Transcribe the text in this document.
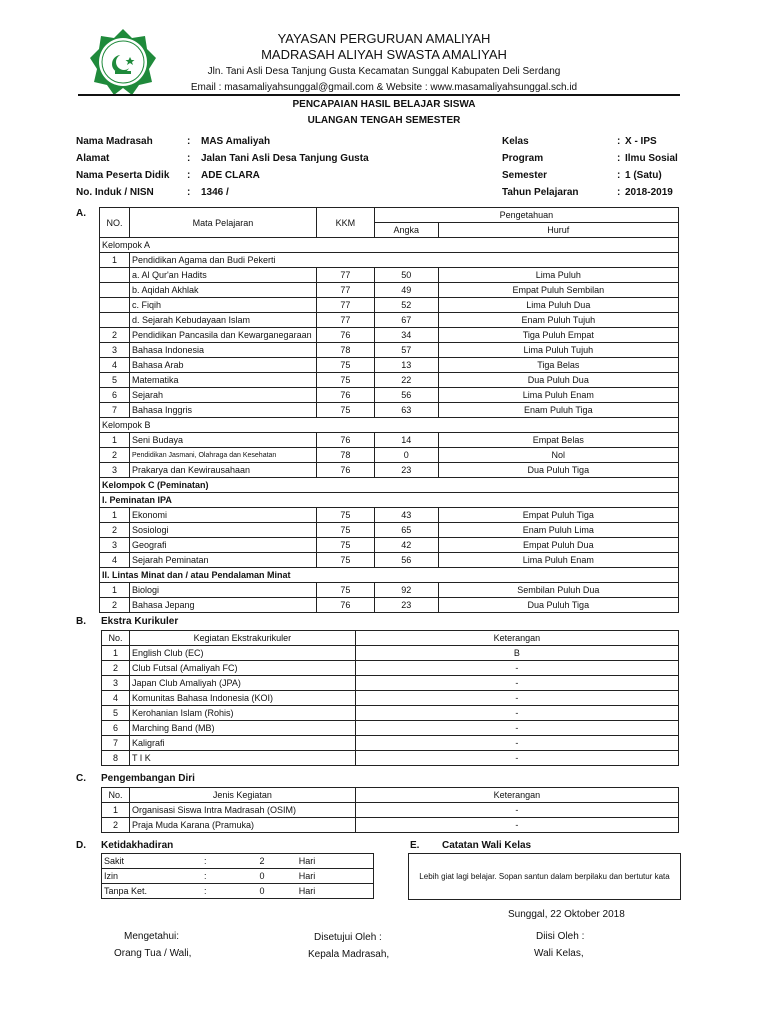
YAYASAN PERGURUAN AMALIYAH
MADRASAH ALIYAH SWASTA AMALIYAH
Jln. Tani Asli Desa Tanjung Gusta Kecamatan Sunggal Kabupaten Deli Serdang
Email : masamaliyahsunggal@gmail.com & Website : www.masamaliyahsunggal.sch.id
PENCAPAIAN HASIL BELAJAR SISWA
ULANGAN TENGAH SEMESTER
Nama Madrasah	: MAS Amaliyah
Alamat	: Jalan Tani Asli Desa Tanjung Gusta
Nama Peserta Didik : ADE CLARA
No. Induk / NISN	: 1346 /
Kelas	: X - IPS
Program	: Ilmu Sosial
Semester	: 1 (Satu)
Tahun Pelajaran	: 2018-2019
A.
NO.	Mata Pelajaran	KKM	Pengetahuan	
			Angka	Huruf
Kelompok A				
1	Pendidikan Agama dan Budi Pekerti			
	a. Al Qur'an Hadits	77	50	Lima Puluh
	b. Aqidah Akhlak	77	49	Empat Puluh Sembilan
	c. Fiqih	77	52	Lima Puluh Dua
	d. Sejarah Kebudayaan Islam	77	67	Enam Puluh Tujuh
2	Pendidikan Pancasila dan Kewarganegaraan	76	34	Tiga Puluh Empat
3	Bahasa Indonesia	78	57	Lima Puluh Tujuh
4	Bahasa Arab	75	13	Tiga Belas
5	Matematika	75	22	Dua Puluh Dua
6	Sejarah	76	56	Lima Puluh Enam
7	Bahasa Inggris	75	63	Enam Puluh Tiga
Kelompok B				
1	Seni Budaya	76	14	Empat Belas
2	Pendidikan Jasmani, Olahraga dan Kesehatan	78	0	Nol
3	Prakarya dan Kewirausahaan	76	23	Dua Puluh Tiga
Kelompok C (Peminatan)				
I. Peminatan IPA				
1	Ekonomi	75	43	Empat Puluh Tiga
2	Sosiologi	75	65	Enam Puluh Lima
3	Geografi	75	42	Empat Puluh Dua
4	Sejarah Peminatan	75	56	Lima Puluh Enam
II. Lintas Minat dan / atau Pendalaman Minat				
1	Biologi	75	92	Sembilan Puluh Dua
2	Bahasa Jepang	76	23	Dua Puluh Tiga
B. Ekstra Kurikuler
No.	Kegiatan Ekstrakurikuler	Keterangan
1	English Club (EC)	B
2	Club Futsal (Amaliyah FC)	-
3	Japan Club Amaliyah (JPA)	-
4	Komunitas Bahasa Indonesia (KOI)	-
5	Kerohanian Islam (Rohis)	-
6	Marching Band (MB)	-
7	Kaligrafi	-
8	T I K	-
C. Pengembangan Diri
No.	Jenis Kegiatan	Keterangan
1	Organisasi Siswa Intra Madrasah (OSIM)	-
2	Praja Muda Karana (Pramuka)	-
D. Ketidakhadiran
Sakit	:	2	Hari
Izin	:	0	Hari
Tanpa Ket.	:	0	Hari
E. Catatan Wali Kelas
Lebih giat lagi belajar. Sopan santun dalam berpilaku dan bertutur kata
Sunggal, 22 Oktober 2018
Mengetahui:
Orang Tua / Wali,
Disetujui Oleh :
Kepala Madrasah,
Diisi Oleh :
Wali Kelas,
